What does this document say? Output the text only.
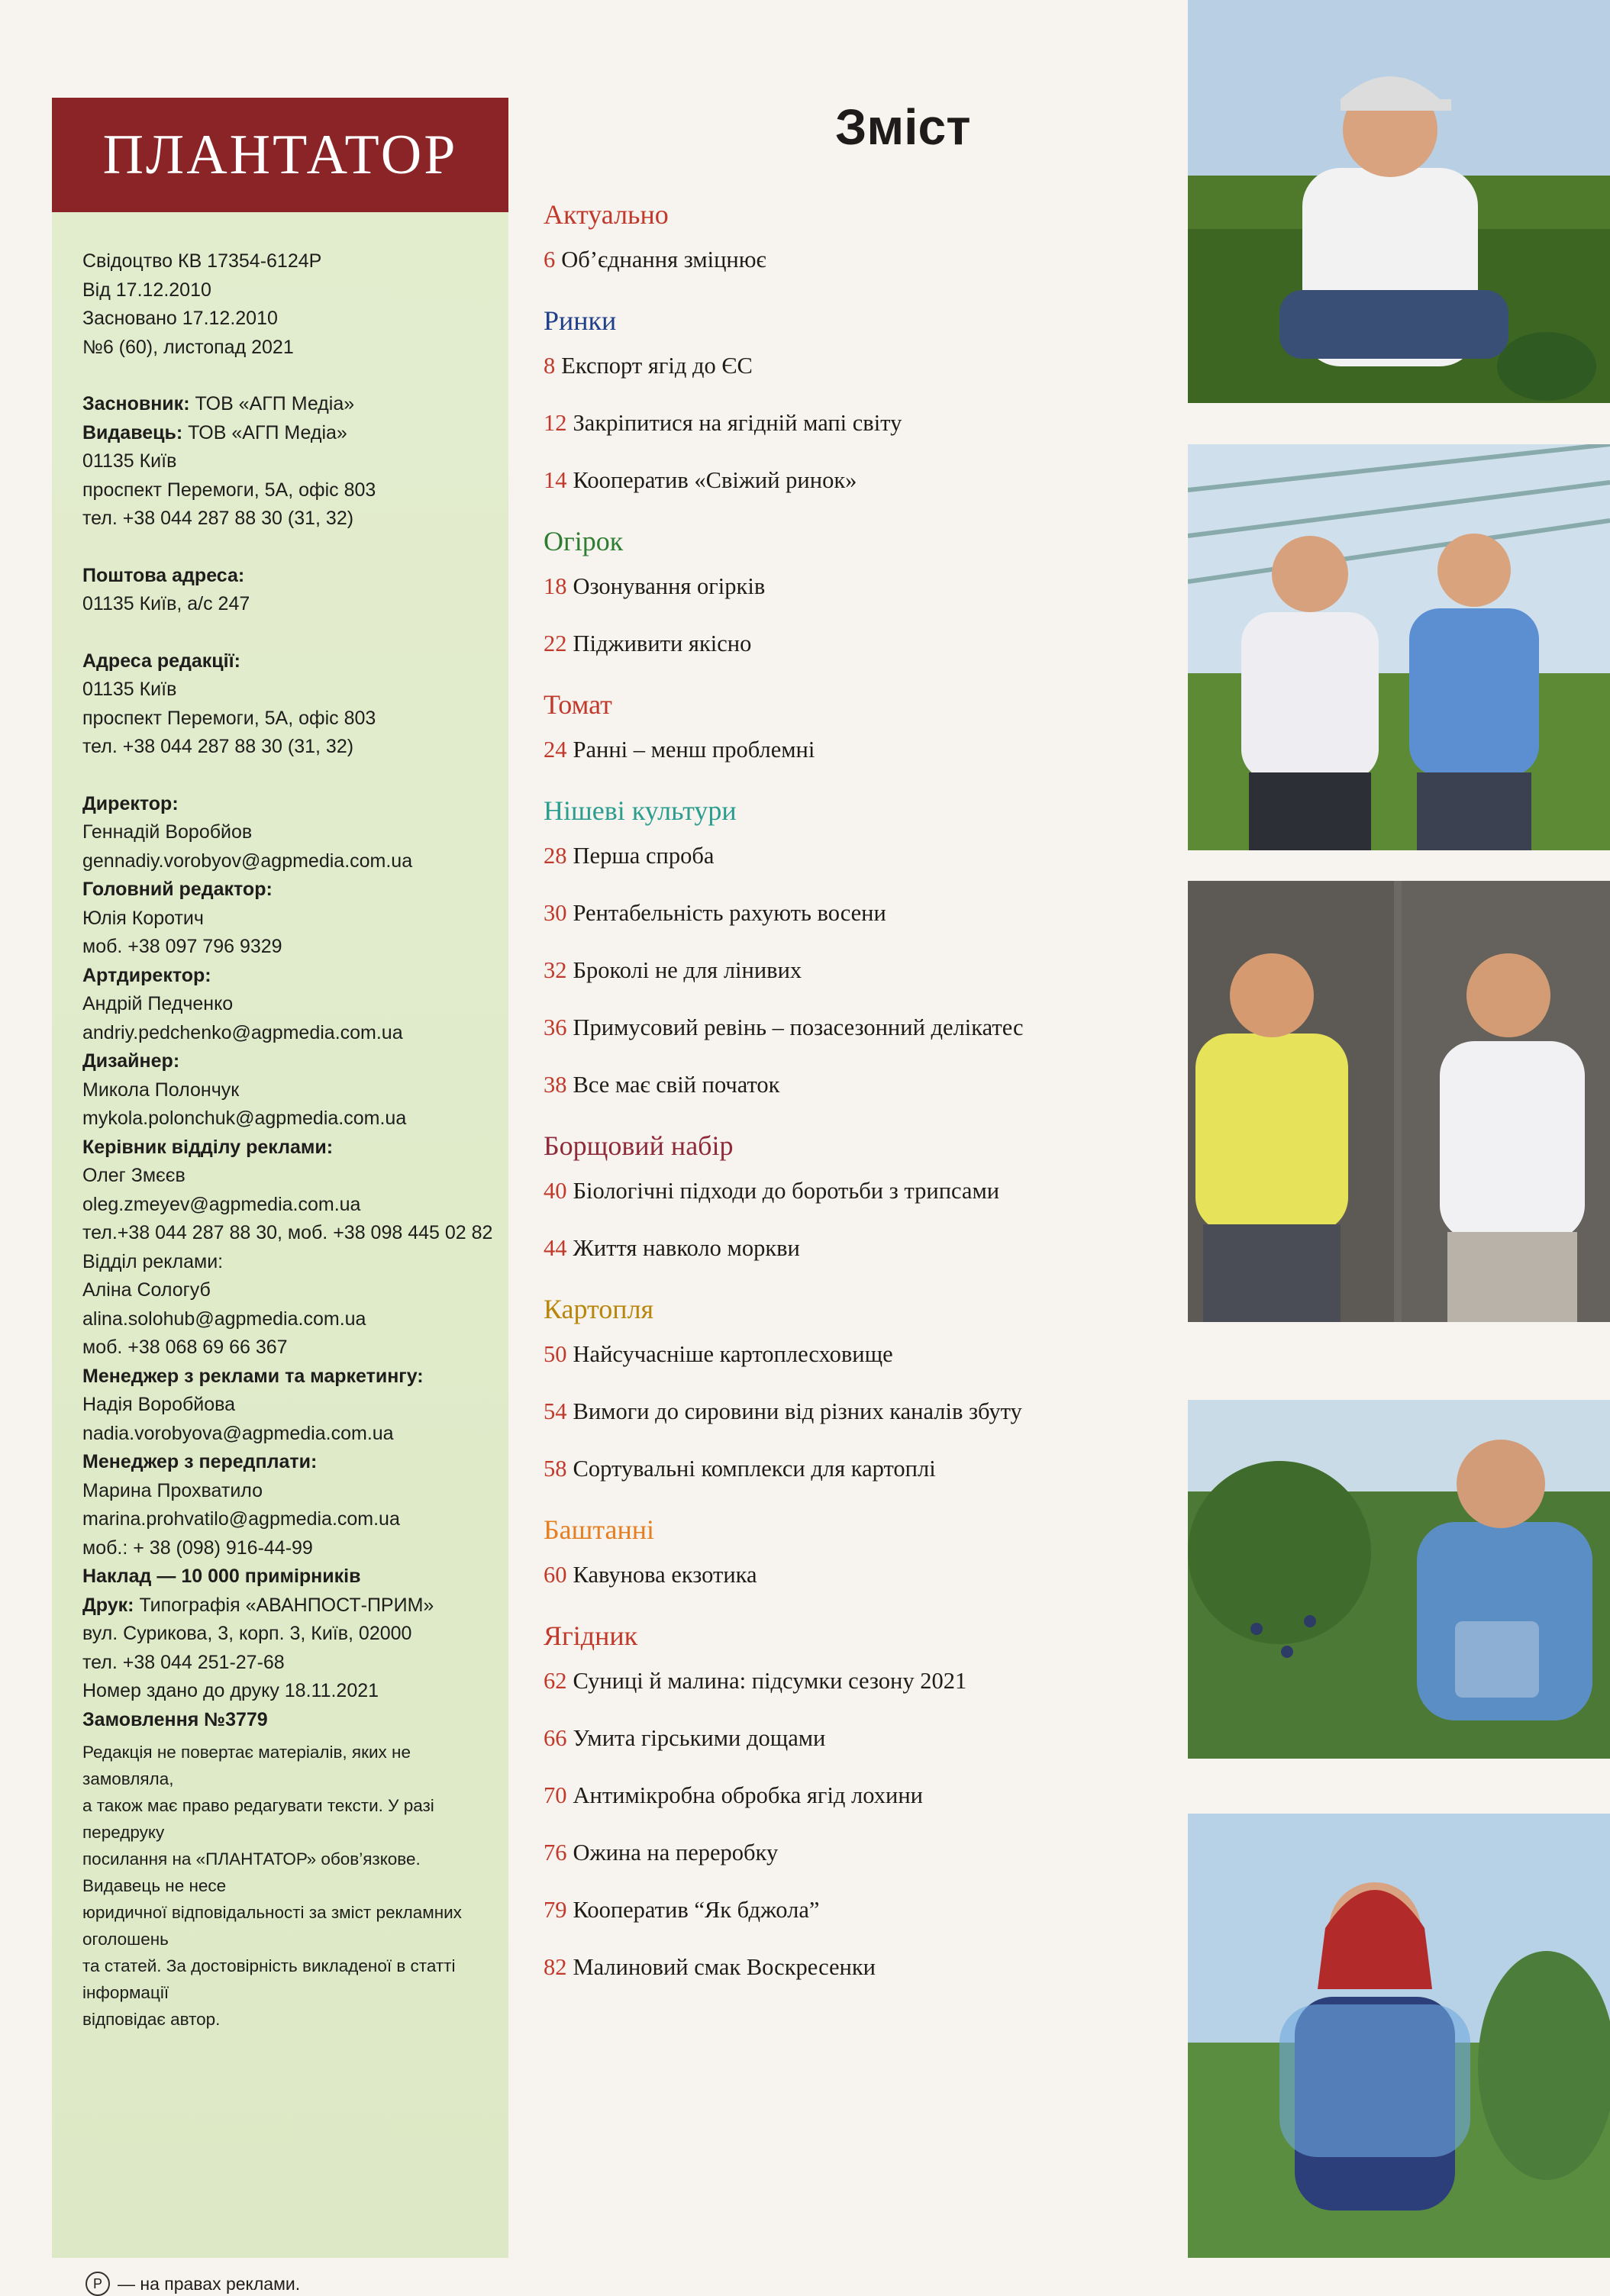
ПЛАНТАТОР
Свідоцтво КВ 17354-6124Р
Від 17.12.2010
Засновано 17.12.2010
№6 (60), листопад 2021
Засновник: ТОВ «АГП Медіа»
Видавець: ТОВ «АГП Медіа»
01135 Київ
проспект Перемоги, 5А, офіс 803
тел. +38 044 287 88 30 (31, 32)
Поштова адреса:
01135 Київ, а/с 247
Адреса редакції:
01135 Київ
проспект Перемоги, 5А, офіс 803
тел. +38 044 287 88 30 (31, 32)
Директор:
Геннадій Воробйов
gennadiy.vorobyov@agpmedia.com.ua
Головний редактор:
Юлія Коротич
моб. +38 097 796 9329
Артдиректор:
Андрій Педченко
andriy.pedchenko@agpmedia.com.ua
Дизайнер:
Микола Полончук
mykola.polonchuk@agpmedia.com.ua
Керівник відділу реклами:
Олег Змєєв
oleg.zmeyev@agpmedia.com.ua
тел.+38 044 287 88 30, моб. +38 098 445 02 82
Відділ реклами:
Аліна Сологуб
alina.solohub@agpmedia.com.ua
моб. +38 068 69 66 367
Менеджер з реклами та маркетингу:
Надія Воробйова
nadia.vorobyova@agpmedia.com.ua
Менеджер з передплати:
Марина Прохватило
marina.prohvatilo@agpmedia.com.ua
моб.: + 38 (098) 916-44-99
Наклад — 10 000 примірників
Друк: Типографія «АВАНПОСТ-ПРИМ»
вул. Сурикова, 3, корп. 3, Київ, 02000
тел. +38 044 251-27-68
Номер здано до друку 18.11.2021
Замовлення №3779
Редакція не повертає матеріалів, яких не замовляла,
а також має право редагувати тексти. У разі передруку
посилання на «ПЛАНТАТОР» обов’язкове. Видавець не несе
юридичної відповідальності за зміст рекламних оголошень
та статей. За достовірність викладеної в статті інформації
відповідає автор.
P — на правах реклами.
Зміст
Актуально
6 Об’єднання зміцнює
Ринки
8 Експорт ягід до ЄС
12 Закріпитися на ягідній мапі світу
14 Кооператив «Свіжий ринок»
Огірок
18 Озонування огірків
22 Підживити якісно
Томат
24 Ранні – менш проблемні
Нішеві культури
28 Перша спроба
30 Рентабельність рахують восени
32 Броколі не для лінивих
36 Примусовий ревінь – позасезонний делікатес
38 Все має свій початок
Борщовий набір
40 Біологічні підходи до боротьби з трипсами
44 Життя навколо моркви
Картопля
50 Найсучасніше картоплесховище
54 Вимоги до сировини від різних каналів збуту
58 Сортувальні комплекси для картоплі
Баштанні
60 Кавунова екзотика
Ягідник
62 Суниці й малина: підсумки сезону 2021
66 Умита гірськими дощами
70 Антимікробна обробка ягід лохини
76 Ожина на переробку
79 Кооператив “Як бджола”
82 Малиновий смак Воскресенки
